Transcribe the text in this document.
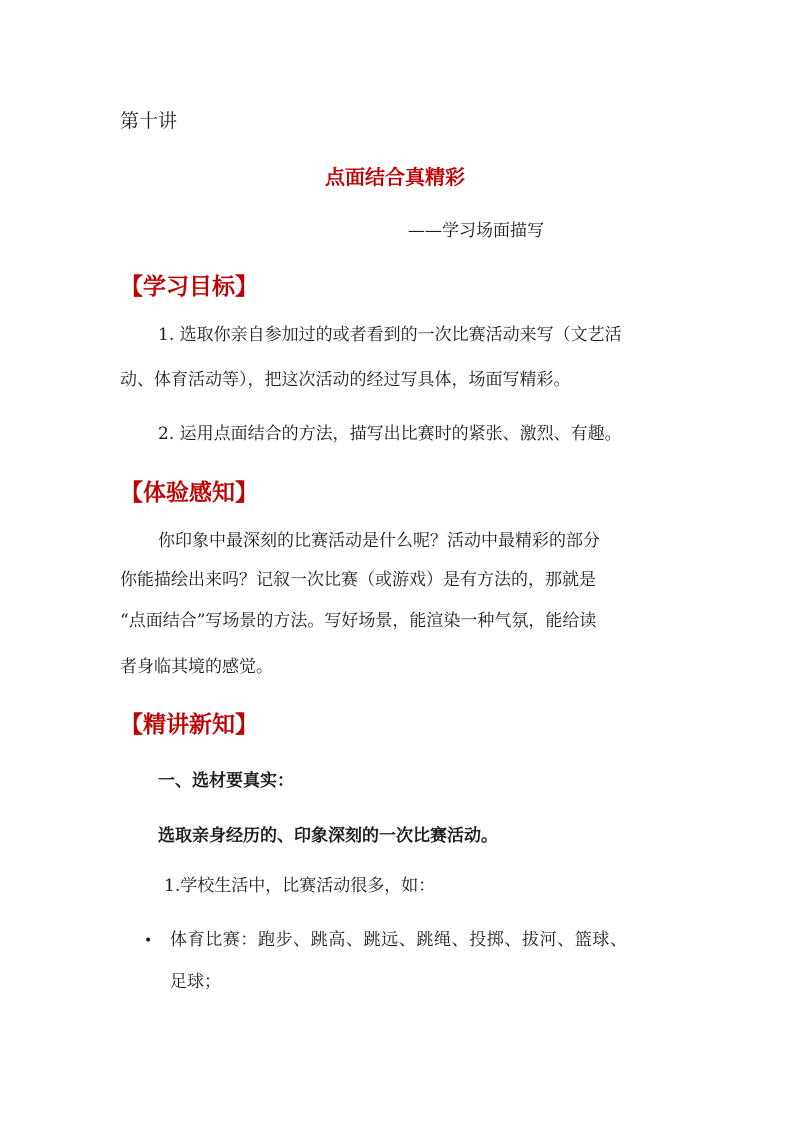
第十讲
点面结合真精彩
——学习场面描写
【学习目标】
1. 选取你亲自参加过的或者看到的一次比赛活动来写（文艺活
动、体育活动等），把这次活动的经过写具体，场面写精彩。
2. 运用点面结合的方法，描写出比赛时的紧张、激烈、有趣。
【体验感知】
你印象中最深刻的比赛活动是什么呢？活动中最精彩的部分
你能描绘出来吗？记叙一次比赛（或游戏）是有方法的，那就是
“点面结合”写场景的方法。写好场景，能渲染一种气氛，能给读
者身临其境的感觉。
【精讲新知】
一、选材要真实：
选取亲身经历的、印象深刻的一次比赛活动。
1.学校生活中，比赛活动很多，如：
• 体育比赛：跑步、跳高、跳远、跳绳、投掷、拔河、篮球、
足球；
